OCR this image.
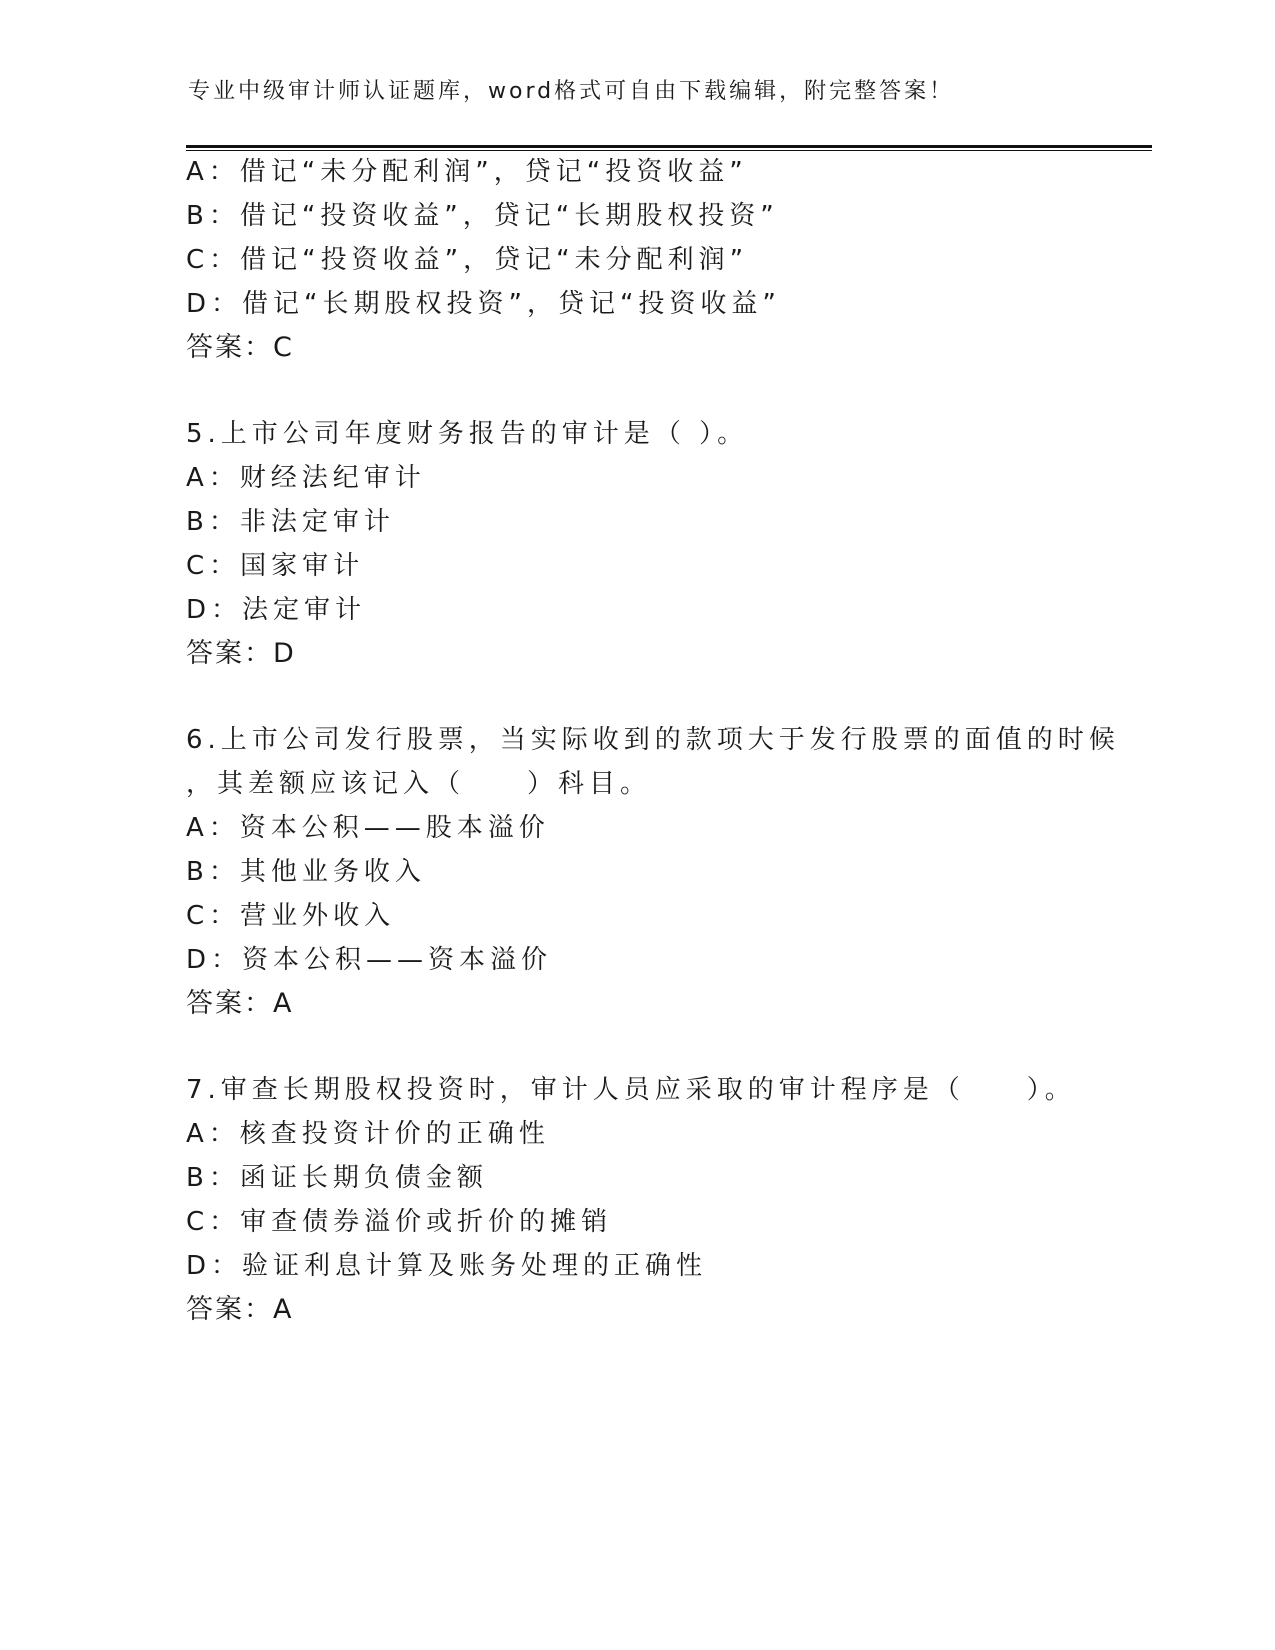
专业中级审计师认证题库，word格式可自由下载编辑，附完整答案！
A：借记“未分配利润”，贷记“投资收益”
B：借记“投资收益”，贷记“长期股权投资”
C：借记“投资收益”，贷记“未分配利润”
D：借记“长期股权投资”，贷记“投资收益”
答案：C
5.上市公司年度财务报告的审计是（ ）。
A：财经法纪审计
B：非法定审计
C：国家审计
D：法定审计
答案：D
6.上市公司发行股票，当实际收到的款项大于发行股票的面值的时候
，其差额应该记入（　　）科目。
A：资本公积——股本溢价
B：其他业务收入
C：营业外收入
D：资本公积——资本溢价
答案：A
7.审查长期股权投资时，审计人员应采取的审计程序是（　　）。
A：核查投资计价的正确性
B：函证长期负债金额
C：审查债券溢价或折价的摊销
D：验证利息计算及账务处理的正确性
答案：A
